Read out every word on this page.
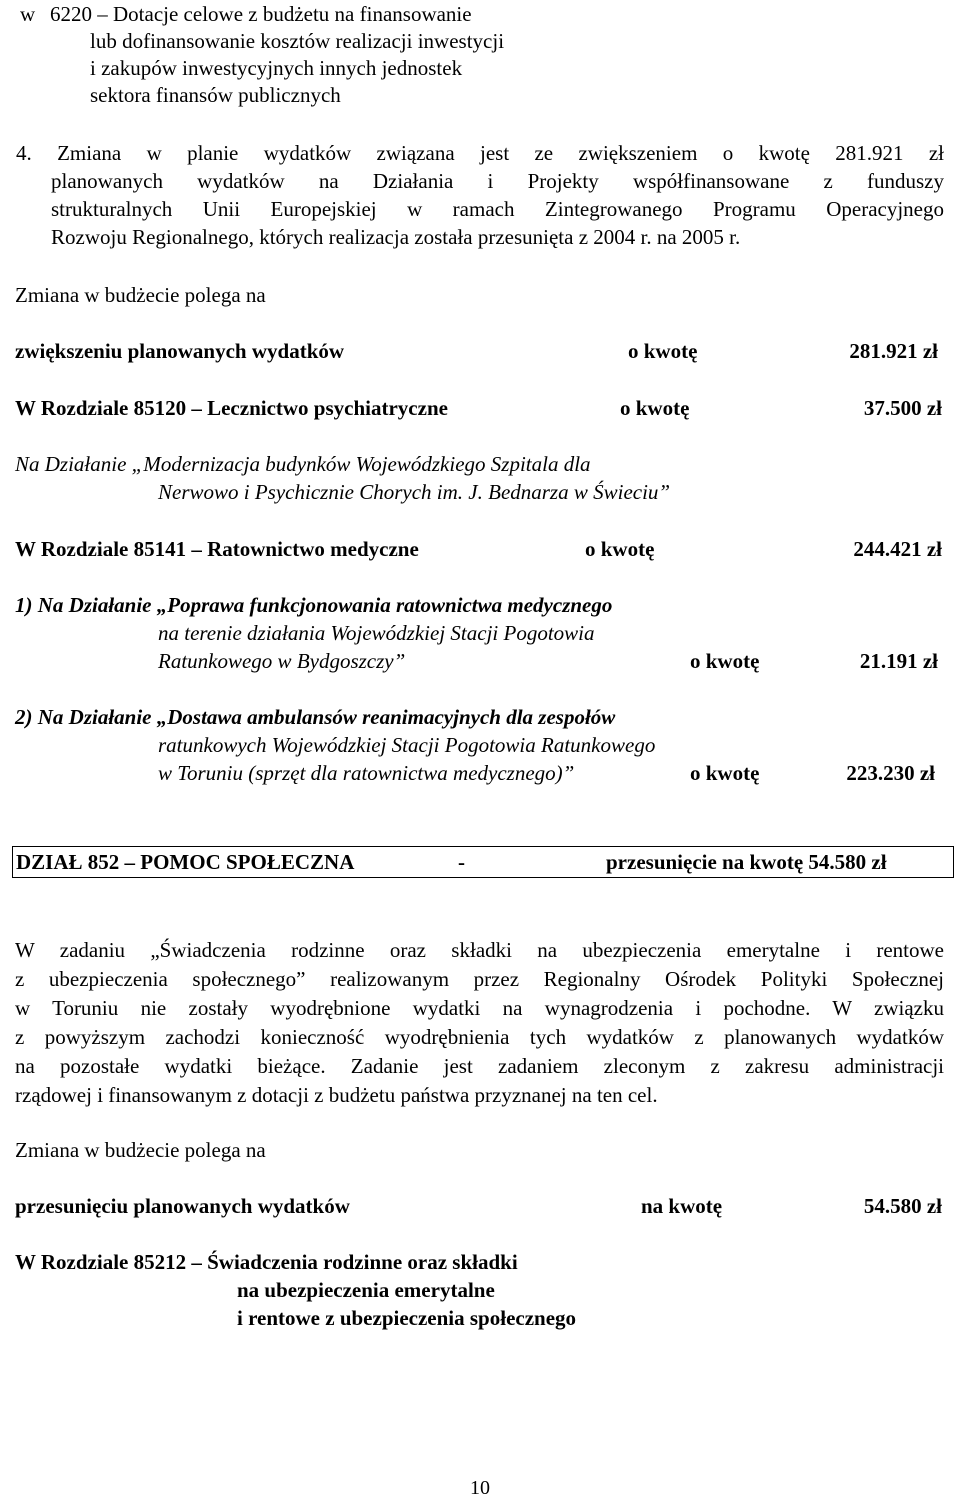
w 6220 – Dotacje celowe z budżetu na finansowanie
lub dofinansowanie kosztów realizacji inwestycji
i zakupów inwestycyjnych innych jednostek
sektora finansów publicznych
4. Zmiana w planie wydatków związana jest ze zwiększeniem o kwotę 281.921 zł
planowanych wydatków na Działania i Projekty współfinansowane z funduszy
strukturalnych Unii Europejskiej w ramach Zintegrowanego Programu Operacyjnego
Rozwoju Regionalnego, których realizacja została przesunięta z 2004 r. na 2005 r.
Zmiana w budżecie polega na
zwiększeniu planowanych wydatków	o kwotę	281.921 zł
W Rozdziale 85120 – Lecznictwo psychiatryczne	o kwotę	37.500 zł
Na Działanie „Modernizacja budynków Wojewódzkiego Szpitala dla
Nerwowo i Psychicznie Chorych im. J. Bednarza w Świeciu”
W Rozdziale 85141 – Ratownictwo medyczne	o kwotę	244.421 zł
1) Na Działanie „Poprawa funkcjonowania ratownictwa medycznego
na terenie działania Wojewódzkiej Stacji Pogotowia
Ratunkowego w Bydgoszczy”	o kwotę	21.191 zł
2) Na Działanie „Dostawa ambulansów reanimacyjnych dla zespołów
ratunkowych Wojewódzkiej Stacji Pogotowia Ratunkowego
w Toruniu (sprzęt dla ratownictwa medycznego)”	o kwotę	223.230 zł
DZIAŁ 852 – POMOC SPOŁECZNA	-	przesunięcie na kwotę 54.580 zł
W zadaniu „Świadczenia rodzinne oraz składki na ubezpieczenia emerytalne i rentowe
z ubezpieczenia społecznego” realizowanym przez Regionalny Ośrodek Polityki Społecznej
w Toruniu nie zostały wyodrębnione wydatki na wynagrodzenia i pochodne. W związku
z powyższym zachodzi konieczność wyodrębnienia tych wydatków z planowanych wydatków
na pozostałe wydatki bieżące. Zadanie jest zadaniem zleconym z zakresu administracji
rządowej i finansowanym z dotacji z budżetu państwa przyznanej na ten cel.
Zmiana w budżecie polega na
przesunięciu planowanych wydatków	na kwotę	54.580 zł
W Rozdziale 85212 – Świadczenia rodzinne oraz składki
na ubezpieczenia emerytalne
i rentowe z ubezpieczenia społecznego
10
